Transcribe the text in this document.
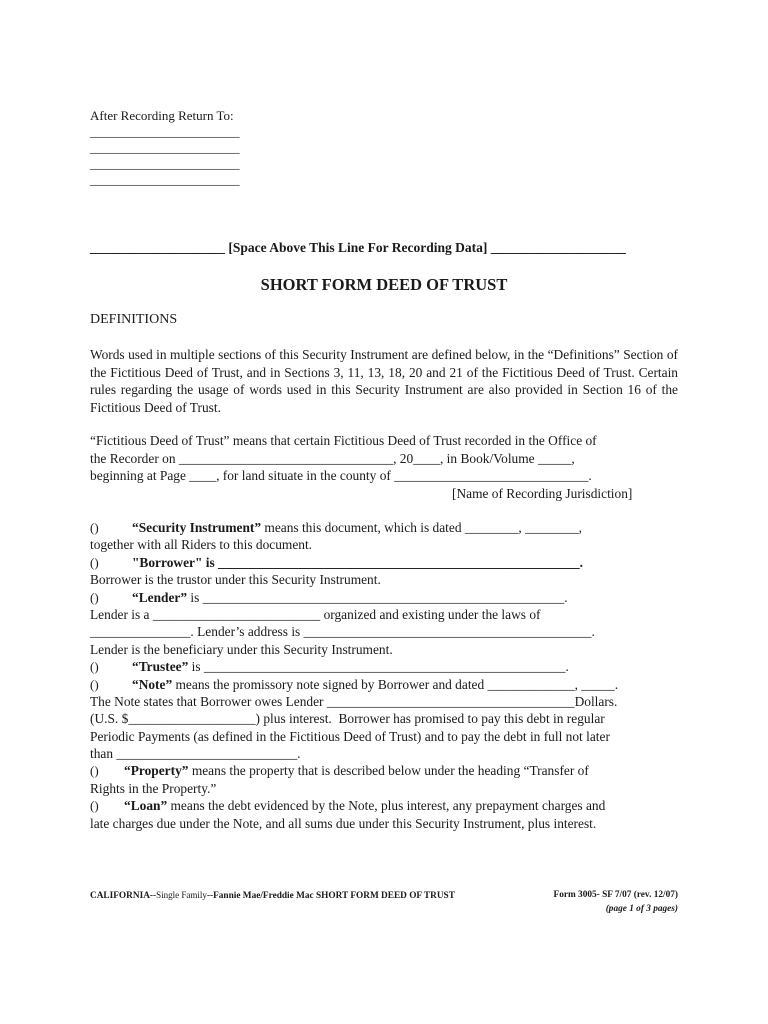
After Recording Return To:
_______________________
_______________________
_______________________
_______________________
____________________ [Space Above This Line For Recording Data] ____________________
SHORT FORM DEED OF TRUST
DEFINITIONS
Words used in multiple sections of this Security Instrument are defined below, in the “Definitions” Section of the Fictitious Deed of Trust, and in Sections 3, 11, 13, 18, 20 and 21 of the Fictitious Deed of Trust. Certain rules regarding the usage of words used in this Security Instrument are also provided in Section 16 of the Fictitious Deed of Trust.
“Fictitious Deed of Trust” means that certain Fictitious Deed of Trust recorded in the Office of
the Recorder on ________________________________, 20____, in Book/Volume _____,
beginning at Page ____, for land situate in the county of _____________________________.
[Name of Recording Jurisdiction]
() “Security Instrument” means this document, which is dated ________, ________,
together with all Riders to this document.
() "Borrower" is ______________________________________________________.
Borrower is the trustor under this Security Instrument.
() “Lender” is ______________________________________________________.
Lender is a _________________________ organized and existing under the laws of
_______________. Lender’s address is ___________________________________________.
Lender is the beneficiary under this Security Instrument.
() “Trustee” is ______________________________________________________.
() “Note” means the promissory note signed by Borrower and dated _____________, _____.
The Note states that Borrower owes Lender _____________________________________Dollars.
(U.S. $___________________) plus interest.  Borrower has promised to pay this debt in regular
Periodic Payments (as defined in the Fictitious Deed of Trust) and to pay the debt in full not later
than ___________________________.
() “Property” means the property that is described below under the heading “Transfer of
Rights in the Property.”
() “Loan” means the debt evidenced by the Note, plus interest, any prepayment charges and
late charges due under the Note, and all sums due under this Security Instrument, plus interest.
CALIFORNIA--Single Family--Fannie Mae/Freddie Mac SHORT FORM DEED OF TRUST	Form 3005- SF 7/07 (rev. 12/07)
(page 1 of 3 pages)
